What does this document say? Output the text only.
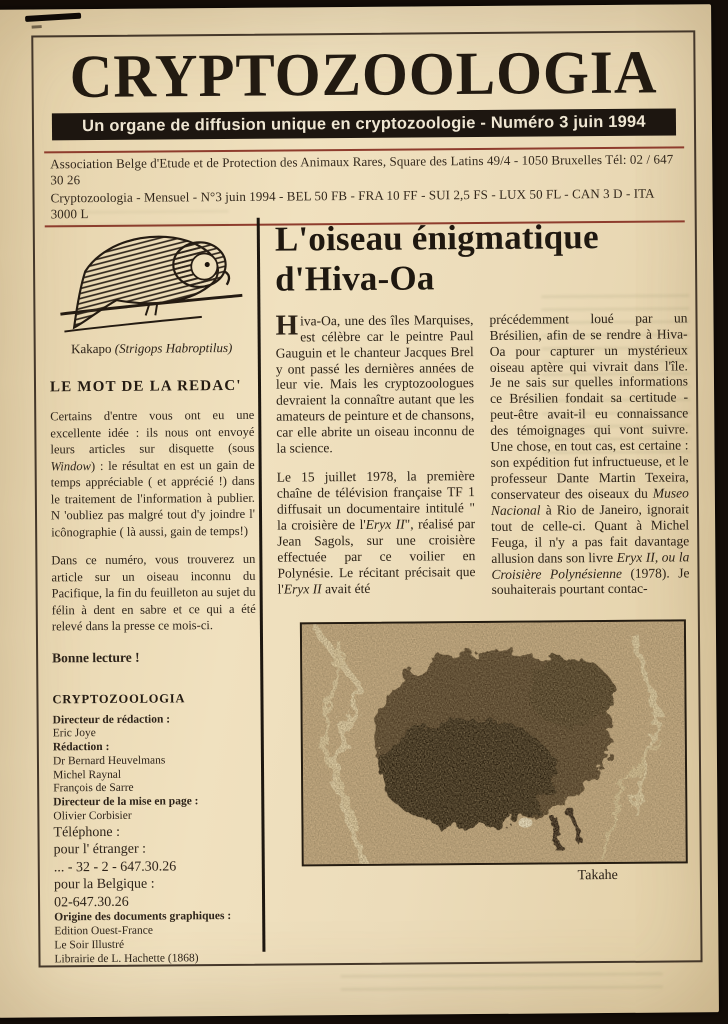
CRYPTOZOOLOGIA
Un organe de diffusion unique en cryptozoologie - Numéro 3 juin 1994
Association Belge d'Etude et de Protection des Animaux Rares, Square des Latins 49/4 - 1050 Bruxelles Tél: 02 / 647 30 26
Cryptozoologia - Mensuel - N°3 juin 1994 - BEL 50 FB - FRA 10 FF - SUI 2,5 FS - LUX 50 FL - CAN 3 D - ITA 3000 L
Kakapo (Strigops Habroptilus)
LE MOT DE LA REDAC'

Certains d'entre vous ont eu une excellente idée : ils nous ont envoyé leurs articles sur disquette (sous Window) : le résultat en est un gain de temps appréciable ( et apprécié !) dans le traitement de l'information à publier. N 'oubliez pas malgré tout d'y joindre l' icônographie ( là aussi, gain de temps!)

Dans ce numéro, vous trouverez un article sur un oiseau inconnu du Pacifique, la fin du feuilleton au sujet du félin à dent en sabre et ce qui a été relevé dans la presse ce mois-ci.

Bonne lecture !
CRYPTOZOOLOGIA
Directeur de rédaction :
Eric Joye
Rédaction :
Dr Bernard Heuvelmans
Michel Raynal
François de Sarre
Directeur de la mise en page :
Olivier Corbisier
Téléphone :
pour l' étranger :
... - 32 - 2 - 647.30.26
pour la Belgique :
02-647.30.26
Origine des documents graphiques :
Edition Ouest-France
Le Soir Illustré
Librairie de L. Hachette (1868)
L'oiseau énigmatique
d'Hiva-Oa

Hiva-Oa, une des îles Marquises, est célèbre car le peintre Paul Gauguin et le chanteur Jacques Brel y ont passé les dernières années de leur vie. Mais les cryptozoologues devraient la connaître autant que les amateurs de peinture et de chansons, car elle abrite un oiseau inconnu de la science.

Le 15 juillet 1978, la première chaîne de télévision française TF 1 diffusait un documentaire intitulé " la croisière de l'Eryx II", réalisé par Jean Sagols, sur une croisière effectuée par ce voilier en Polynésie. Le récitant précisait que l'Eryx II avait été

précédemment loué par un Brésilien, afin de se rendre à Hiva-Oa pour capturer un mystérieux oiseau aptère qui vivrait dans l'île. Je ne sais sur quelles informations ce Brésilien fondait sa certitude - peut-être avait-il eu connaissance des témoignages qui vont suivre. Une chose, en tout cas, est certaine : son expédition fut infructueuse, et le professeur Dante Martin Texeira, conservateur des oiseaux du Museo Nacional à Rio de Janeiro, ignorait tout de celle-ci. Quant à Michel Feuga, il n'y a pas fait davantage allusion dans son livre Eryx II, ou la Croisière Polynésienne (1978). Je souhaiterais pourtant contac-

Takahe
